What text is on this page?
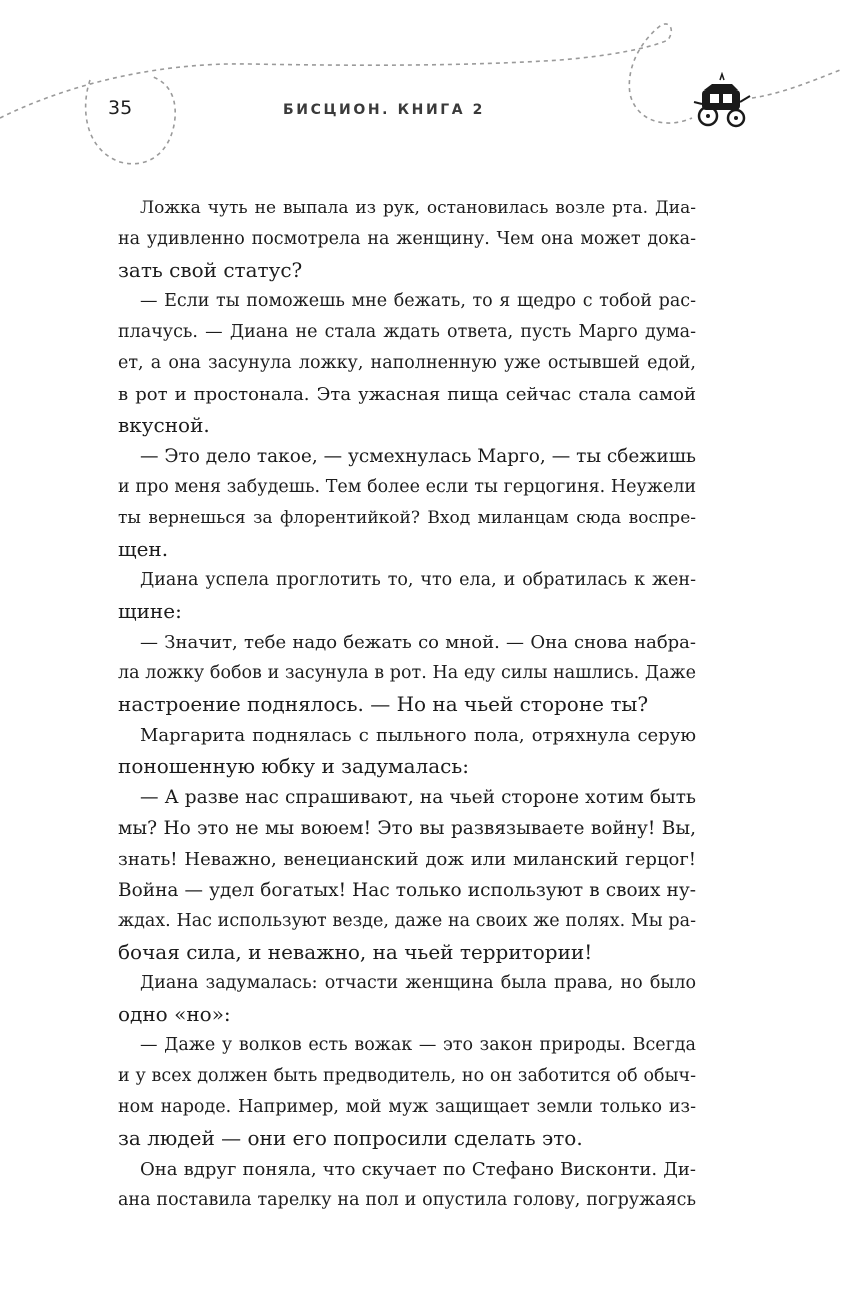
35	БИСЦИОН. КНИГА 2
Ложка чуть не выпала из рук, остановилась возле рта. Диа-
на удивленно посмотрела на женщину. Чем она может дока-
зать свой статус?
— Если ты поможешь мне бежать, то я щедро с тобой рас-
плачусь. — Диана не стала ждать ответа, пусть Марго дума-
ет, а она засунула ложку, наполненную уже остывшей едой,
в рот и простонала. Эта ужасная пища сейчас стала самой
вкусной.
— Это дело такое, — усмехнулась Марго, — ты сбежишь
и про меня забудешь. Тем более если ты герцогиня. Неужели
ты вернешься за флорентийкой? Вход миланцам сюда воспре-
щен.
Диана успела проглотить то, что ела, и обратилась к жен-
щине:
— Значит, тебе надо бежать со мной. — Она снова набра-
ла ложку бобов и засунула в рот. На еду силы нашлись. Даже
настроение поднялось. — Но на чьей стороне ты?
Маргарита поднялась с пыльного пола, отряхнула серую
поношенную юбку и задумалась:
— А разве нас спрашивают, на чьей стороне хотим быть
мы? Но это не мы воюем! Это вы развязываете войну! Вы,
знать! Неважно, венецианский дож или миланский герцог!
Война — удел богатых! Нас только используют в своих ну-
ждах. Нас используют везде, даже на своих же полях. Мы ра-
бочая сила, и неважно, на чьей территории!
Диана задумалась: отчасти женщина была права, но было
одно «но»:
— Даже у волков есть вожак — это закон природы. Всегда
и у всех должен быть предводитель, но он заботится об обыч-
ном народе. Например, мой муж защищает земли только из-
за людей — они его попросили сделать это.
Она вдруг поняла, что скучает по Стефано Висконти. Ди-
ана поставила тарелку на пол и опустила голову, погружаясь
